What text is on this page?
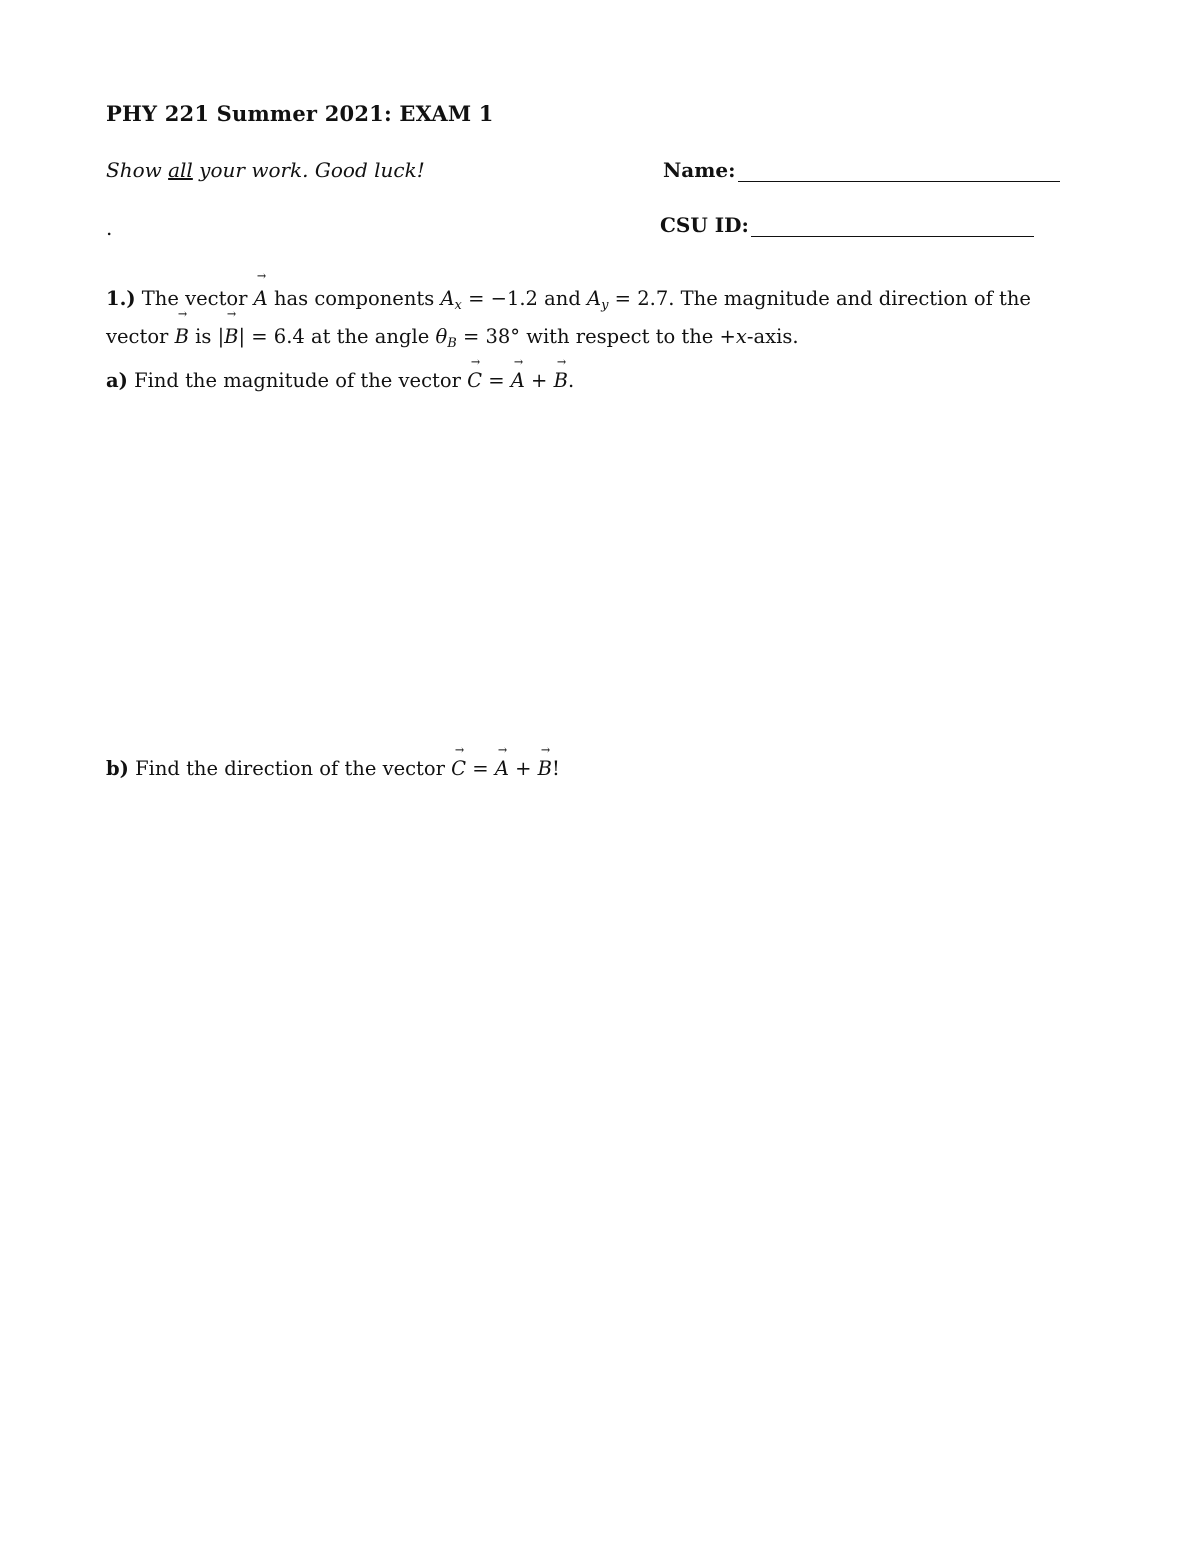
PHY 221 Summer 2021: EXAM 1
Show all your work. Good luck!	Name:
.	CSU ID:
1.) The vector → A has components $A_x = -1.2$ and $A_y = 2.7$. The magnitude and direction of the
vector → B is |→ B| = 6.4 at the angle $\theta_B = 38^\circ$ with respect to the +x-axis.
a) Find the magnitude of the vector → C = → A + → B.
b) Find the direction of the vector → C = → A + → B!
